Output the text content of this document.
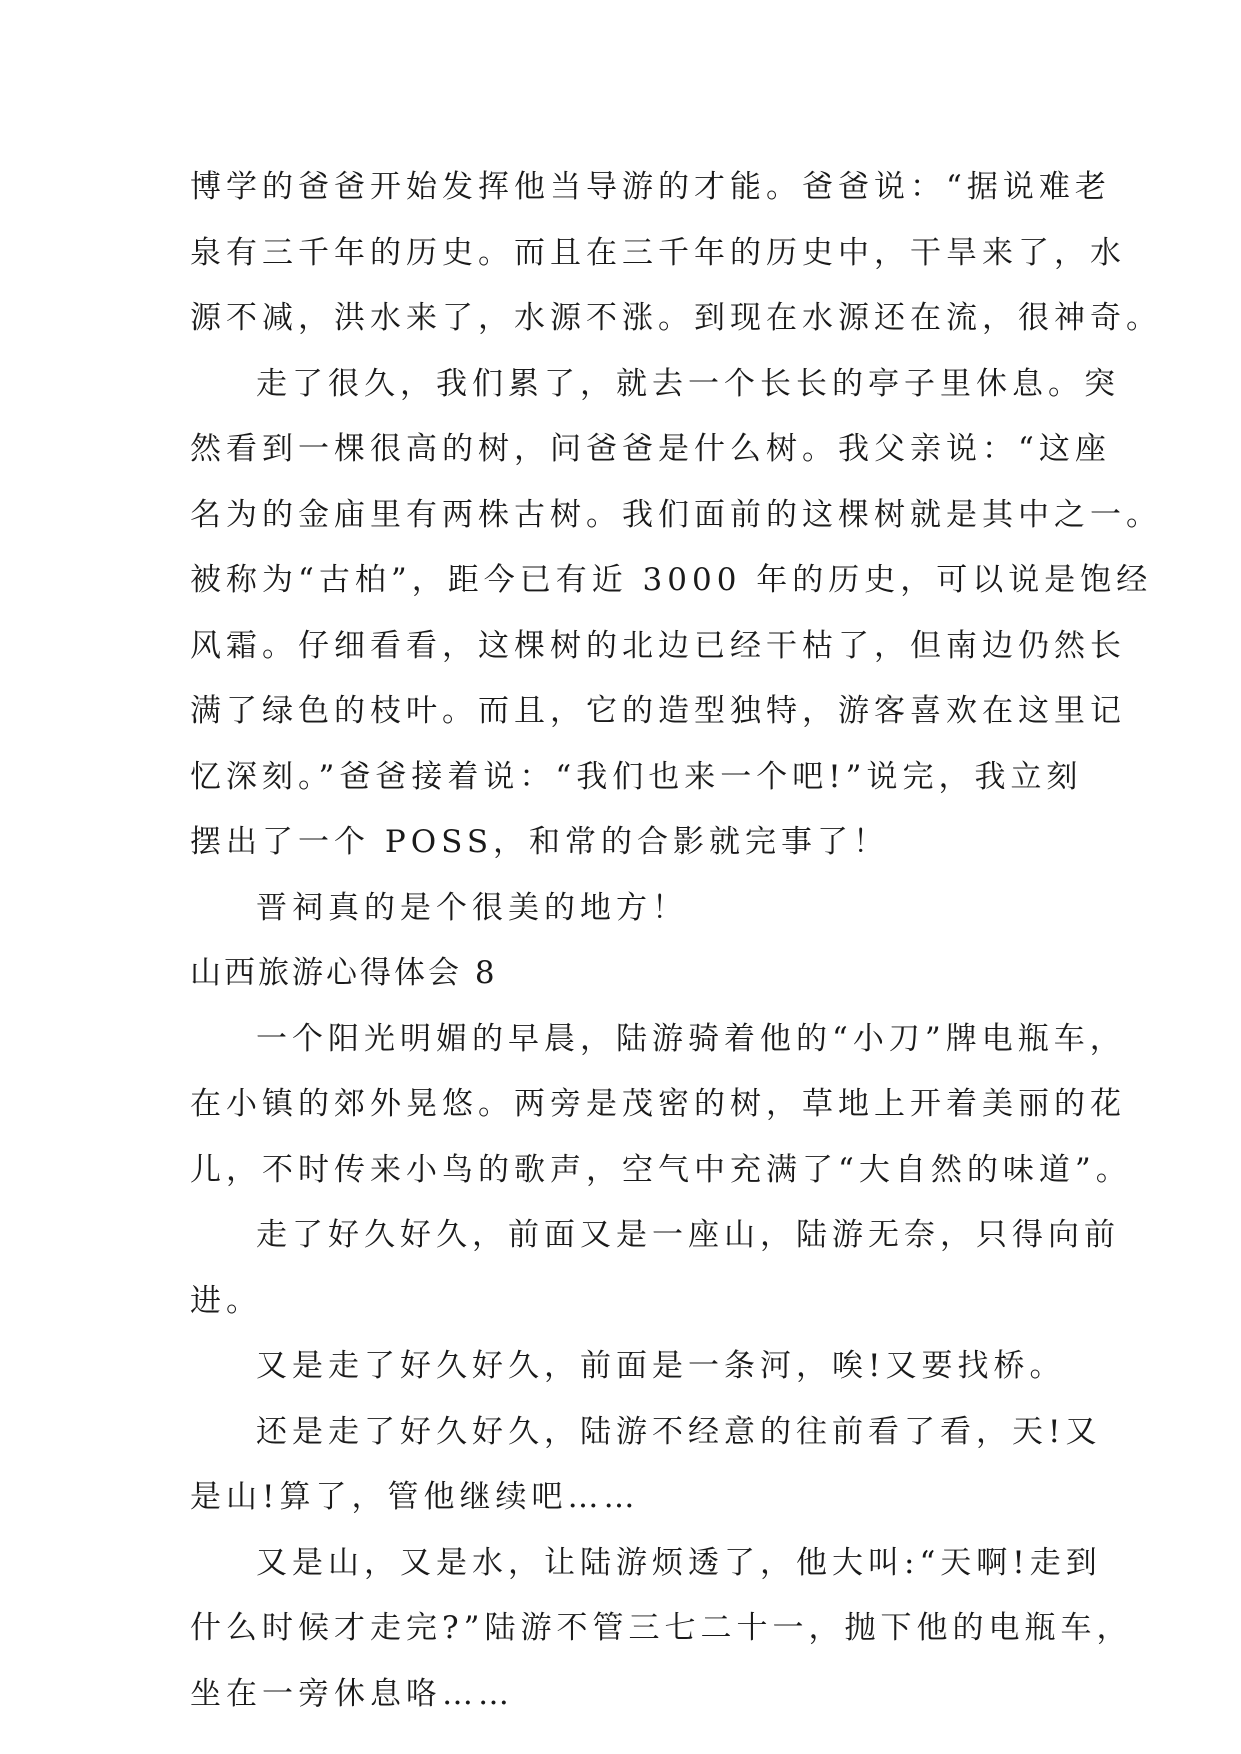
博学的爸爸开始发挥他当导游的才能。爸爸说：“据说难老
泉有三千年的历史。而且在三千年的历史中，干旱来了，水
源不减，洪水来了，水源不涨。到现在水源还在流，很神奇。
走了很久，我们累了，就去一个长长的亭子里休息。突
然看到一棵很高的树，问爸爸是什么树。我父亲说：“这座
名为的金庙里有两株古树。我们面前的这棵树就是其中之一。
被称为“古柏”，距今已有近 3000 年的历史，可以说是饱经
风霜。仔细看看，这棵树的北边已经干枯了，但南边仍然长
满了绿色的枝叶。而且，它的造型独特，游客喜欢在这里记
忆深刻。”爸爸接着说：“我们也来一个吧!”说完，我立刻
摆出了一个 POSS，和常的合影就完事了！
晋祠真的是个很美的地方！
山西旅游心得体会 8
一个阳光明媚的早晨，陆游骑着他的“小刀”牌电瓶车，
在小镇的郊外晃悠。两旁是茂密的树，草地上开着美丽的花
儿，不时传来小鸟的歌声，空气中充满了“大自然的味道”。
走了好久好久，前面又是一座山，陆游无奈，只得向前
进。
又是走了好久好久，前面是一条河，唉!又要找桥。
还是走了好久好久，陆游不经意的往前看了看，天!又
是山!算了，管他继续吧……
又是山，又是水，让陆游烦透了，他大叫:“天啊!走到
什么时候才走完?”陆游不管三七二十一，抛下他的电瓶车，
坐在一旁休息咯……
